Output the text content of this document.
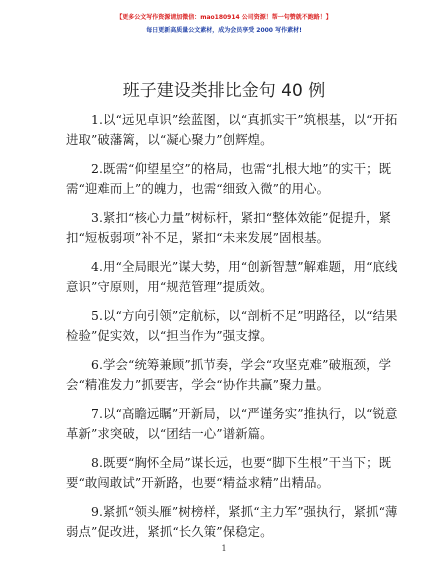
【更多公文写作资源请加微信：mao180914 公司资源！帮一句赞就不跑路！】
每日更新高质量公文素材，成为会员享受 2000 写作素材!
班子建设类排比金句 40 例

1.以“远见卓识”绘蓝图，以“真抓实干”筑根基，以“开拓
进取”破藩篱，以“凝心聚力”创辉煌。

2.既需“仰望星空”的格局，也需“扎根大地”的实干；既
需“迎难而上”的魄力，也需“细致入微”的用心。

3.紧扣“核心力量”树标杆，紧扣“整体效能”促提升，紧
扣“短板弱项”补不足，紧扣“未来发展”固根基。

4.用“全局眼光”谋大势，用“创新智慧”解难题，用“底线
意识”守原则，用“规范管理”提质效。

5.以“方向引领”定航标，以“剖析不足”明路径，以“结果
检验”促实效，以“担当作为”强支撑。

6.学会“统筹兼顾”抓节奏，学会“攻坚克难”破瓶颈，学
会“精准发力”抓要害，学会“协作共赢”聚力量。

7.以“高瞻远瞩”开新局，以“严谨务实”推执行，以“锐意
革新”求突破，以“团结一心”谱新篇。

8.既要“胸怀全局”谋长远，也要“脚下生根”干当下；既
要“敢闯敢试”开新路，也要“精益求精”出精品。

9.紧抓“领头雁”树榜样，紧抓“主力军”强执行，紧抓“薄
弱点”促改进，紧抓“长久策”保稳定。

1
